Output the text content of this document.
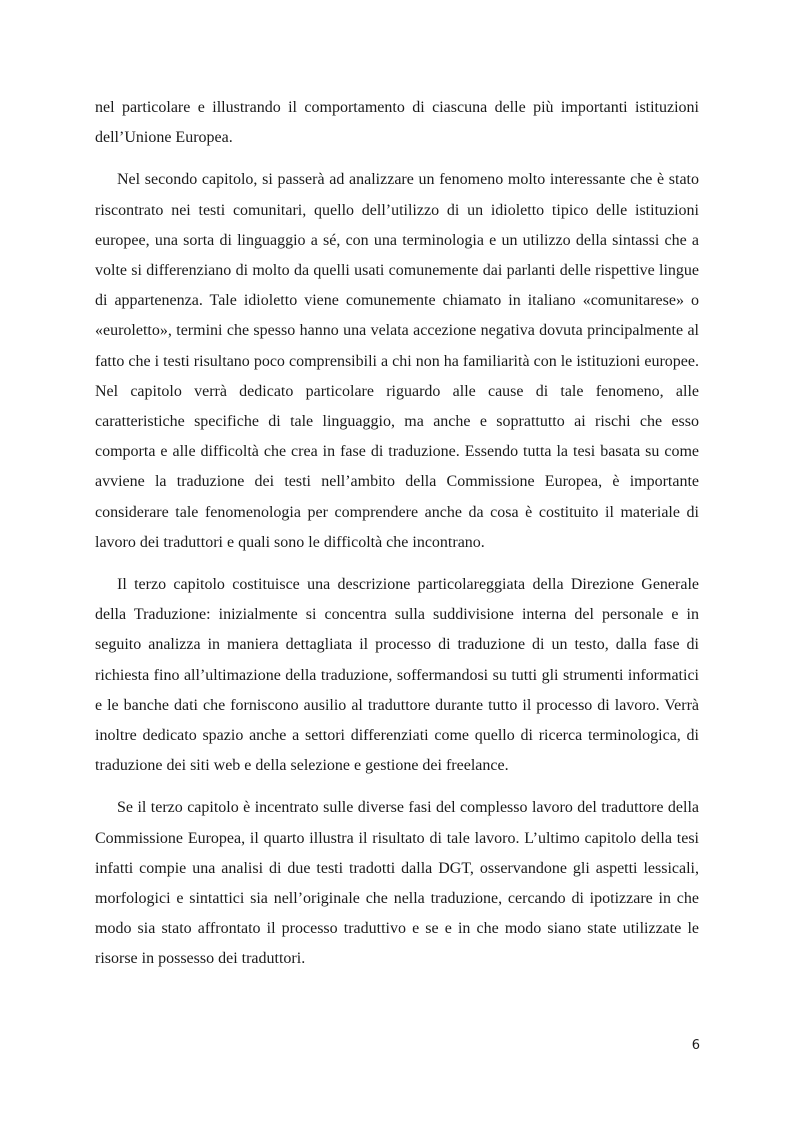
nel particolare e illustrando il comportamento di ciascuna delle più importanti istituzioni dell’Unione Europea.

Nel secondo capitolo, si passerà ad analizzare un fenomeno molto interessante che è stato riscontrato nei testi comunitari, quello dell’utilizzo di un idioletto tipico delle istituzioni europee, una sorta di linguaggio a sé, con una terminologia e un utilizzo della sintassi che a volte si differenziano di molto da quelli usati comunemente dai parlanti delle rispettive lingue di appartenenza. Tale idioletto viene comunemente chiamato in italiano «comunitarese» o «euroletto», termini che spesso hanno una velata accezione negativa dovuta principalmente al fatto che i testi risultano poco comprensibili a chi non ha familiarità con le istituzioni europee. Nel capitolo verrà dedicato particolare riguardo alle cause di tale fenomeno, alle caratteristiche specifiche di tale linguaggio, ma anche e soprattutto ai rischi che esso comporta e alle difficoltà che crea in fase di traduzione. Essendo tutta la tesi basata su come avviene la traduzione dei testi nell’ambito della Commissione Europea, è importante considerare tale fenomenologia per comprendere anche da cosa è costituito il materiale di lavoro dei traduttori e quali sono le difficoltà che incontrano.

Il terzo capitolo costituisce una descrizione particolareggiata della Direzione Generale della Traduzione: inizialmente si concentra sulla suddivisione interna del personale e in seguito analizza in maniera dettagliata il processo di traduzione di un testo, dalla fase di richiesta fino all’ultimazione della traduzione, soffermandosi su tutti gli strumenti informatici e le banche dati che forniscono ausilio al traduttore durante tutto il processo di lavoro. Verrà inoltre dedicato spazio anche a settori differenziati come quello di ricerca terminologica, di traduzione dei siti web e della selezione e gestione dei freelance.

Se il terzo capitolo è incentrato sulle diverse fasi del complesso lavoro del traduttore della Commissione Europea, il quarto illustra il risultato di tale lavoro. L’ultimo capitolo della tesi infatti compie una analisi di due testi tradotti dalla DGT, osservandone gli aspetti lessicali, morfologici e sintattici sia nell’originale che nella traduzione, cercando di ipotizzare in che modo sia stato affrontato il processo traduttivo e se e in che modo siano state utilizzate le risorse in possesso dei traduttori.

6
